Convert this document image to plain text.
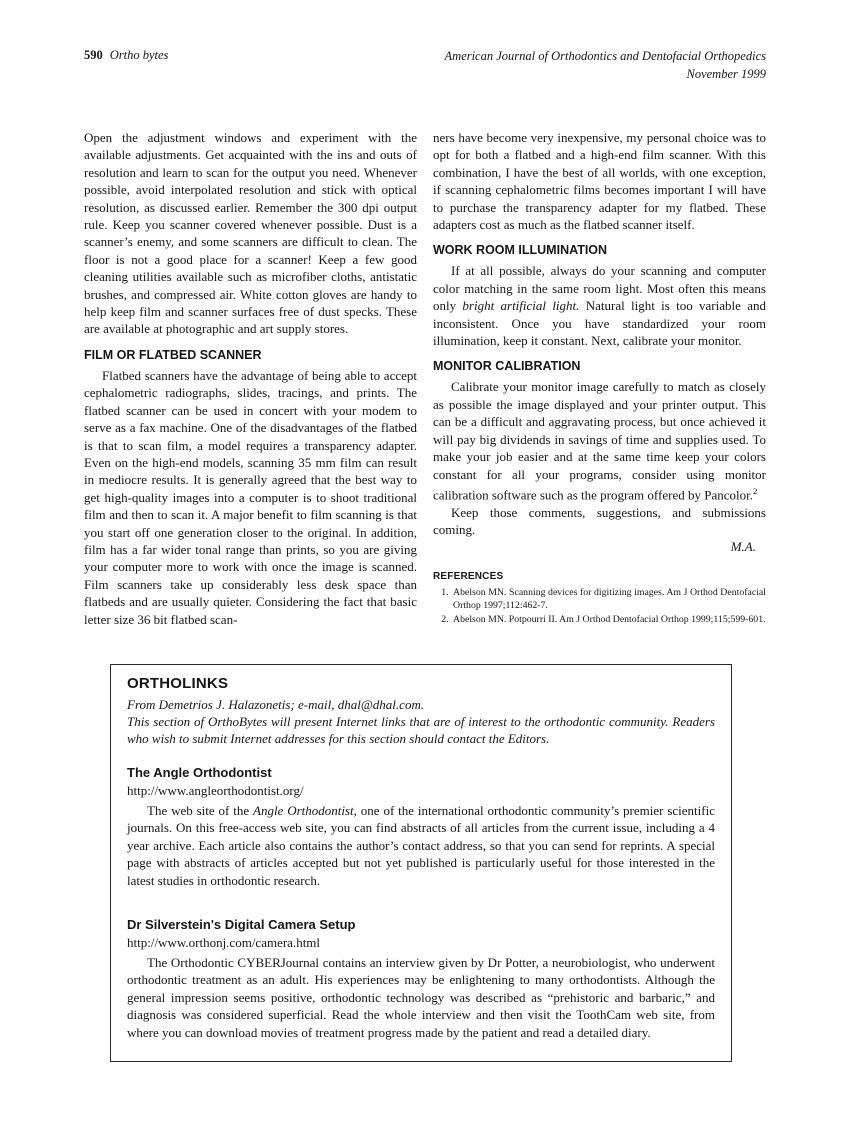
590 Ortho bytes	American Journal of Orthodontics and Dentofacial Orthopedics
November 1999

Open the adjustment windows and experiment with the available adjustments. Get acquainted with the ins and outs of resolution and learn to scan for the output you need. Whenever possible, avoid interpolated resolution and stick with optical resolution, as discussed earlier. Remember the 300 dpi output rule. Keep you scanner covered whenever possible. Dust is a scanner’s enemy, and some scanners are difficult to clean. The floor is not a good place for a scanner! Keep a few good cleaning utilities available such as microfiber cloths, antistatic brushes, and compressed air. White cotton gloves are handy to help keep film and scanner surfaces free of dust specks. These are available at photographic and art supply stores.

FILM OR FLATBED SCANNER

Flatbed scanners have the advantage of being able to accept cephalometric radiographs, slides, tracings, and prints. The flatbed scanner can be used in concert with your modem to serve as a fax machine. One of the disadvantages of the flatbed is that to scan film, a model requires a transparency adapter. Even on the high-end models, scanning 35 mm film can result in mediocre results. It is generally agreed that the best way to get high-quality images into a computer is to shoot traditional film and then to scan it. A major benefit to film scanning is that you start off one generation closer to the original. In addition, film has a far wider tonal range than prints, so you are giving your computer more to work with once the image is scanned. Film scanners take up considerably less desk space than flatbeds and are usually quieter. Considering the fact that basic letter size 36 bit flatbed scan-

ners have become very inexpensive, my personal choice was to opt for both a flatbed and a high-end film scanner. With this combination, I have the best of all worlds, with one exception, if scanning cephalometric films becomes important I will have to purchase the transparency adapter for my flatbed. These adapters cost as much as the flatbed scanner itself.

WORK ROOM ILLUMINATION

If at all possible, always do your scanning and computer color matching in the same room light. Most often this means only bright artificial light. Natural light is too variable and inconsistent. Once you have standardized your room illumination, keep it constant. Next, calibrate your monitor.

MONITOR CALIBRATION

Calibrate your monitor image carefully to match as closely as possible the image displayed and your printer output. This can be a difficult and aggravating process, but once achieved it will pay big dividends in savings of time and supplies used. To make your job easier and at the same time keep your colors constant for all your programs, consider using monitor calibration software such as the program offered by Pancolor.$^2$

Keep those comments, suggestions, and submissions coming.

M.A.

REFERENCES
1. Abelson MN. Scanning devices for digitizing images. Am J Orthod Dentofacial Orthop 1997;112:462-7.
2. Abelson MN. Potpourri II. Am J Orthod Dentofacial Orthop 1999;115;599-601.
ORTHOLINKS

From Demetrios J. Halazonetis; e-mail, dhal@dhal.com.

This section of OrthoBytes will present Internet links that are of interest to the orthodontic community. Readers who wish to submit Internet addresses for this section should contact the Editors.

The Angle Orthodontist
http://www.angleorthodontist.org/

The web site of the Angle Orthodontist, one of the international orthodontic community’s premier scientific journals. On this free-access web site, you can find abstracts of all articles from the current issue, including a 4 year archive. Each article also contains the author’s contact address, so that you can send for reprints. A special page with abstracts of articles accepted but not yet published is particularly useful for those interested in the latest studies in orthodontic research.

Dr Silverstein's Digital Camera Setup
http://www.orthonj.com/camera.html

The Orthodontic CYBERJournal contains an interview given by Dr Potter, a neurobiologist, who underwent orthodontic treatment as an adult. His experiences may be enlightening to many orthodontists. Although the general impression seems positive, orthodontic technology was described as “prehistoric and barbaric,” and diagnosis was considered superficial. Read the whole interview and then visit the ToothCam web site, from where you can download movies of treatment progress made by the patient and read a detailed diary.
